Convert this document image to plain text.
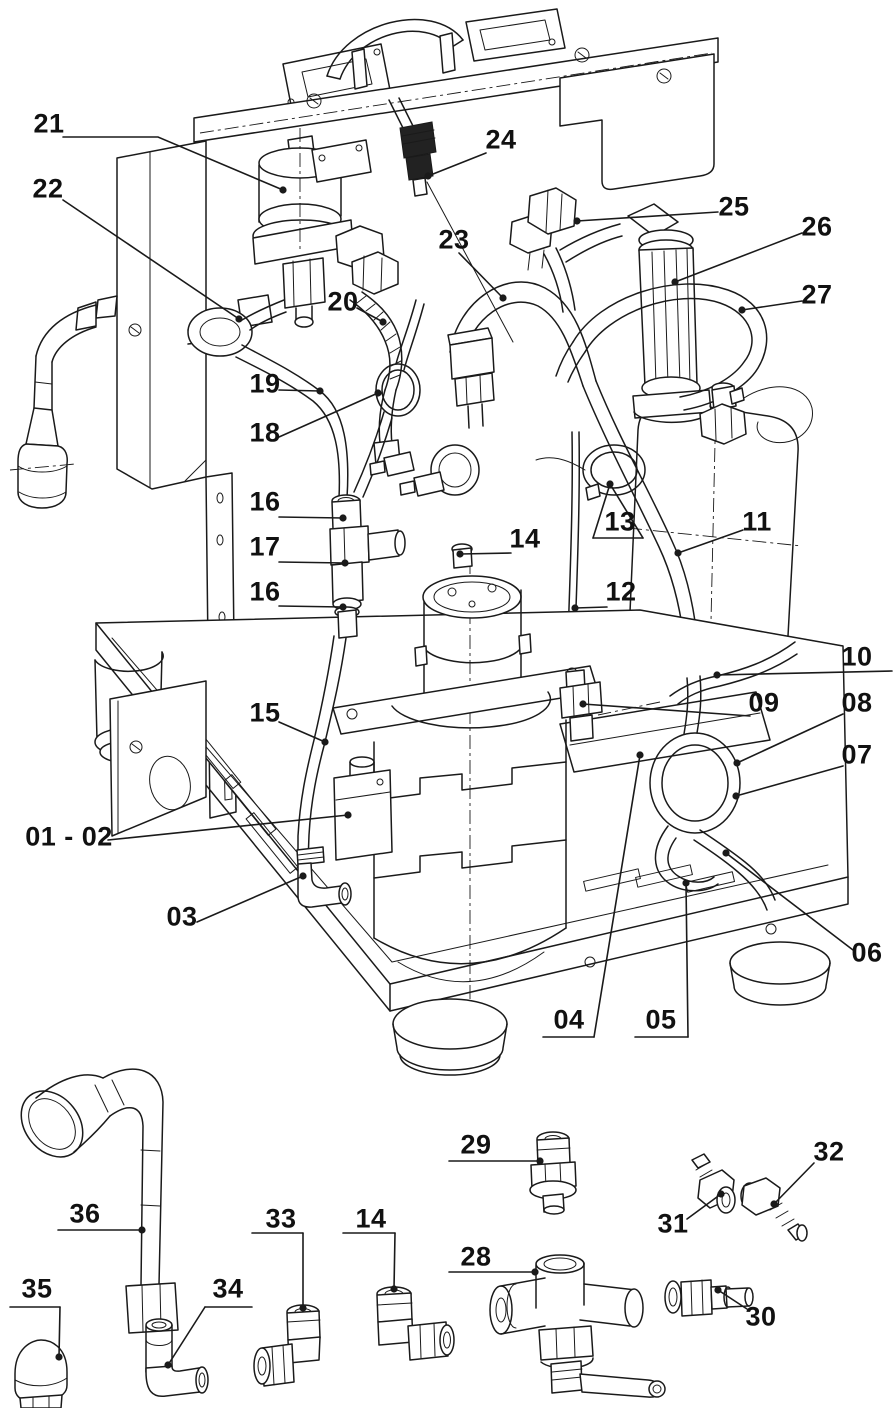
21
22
24
25
26
27
23
20
19
18
16
17
16
15
14
13
12
11
10
09 08
07
06
01 - 02
03
04 05
36
35	34
33 14
29
28
31
32
30
